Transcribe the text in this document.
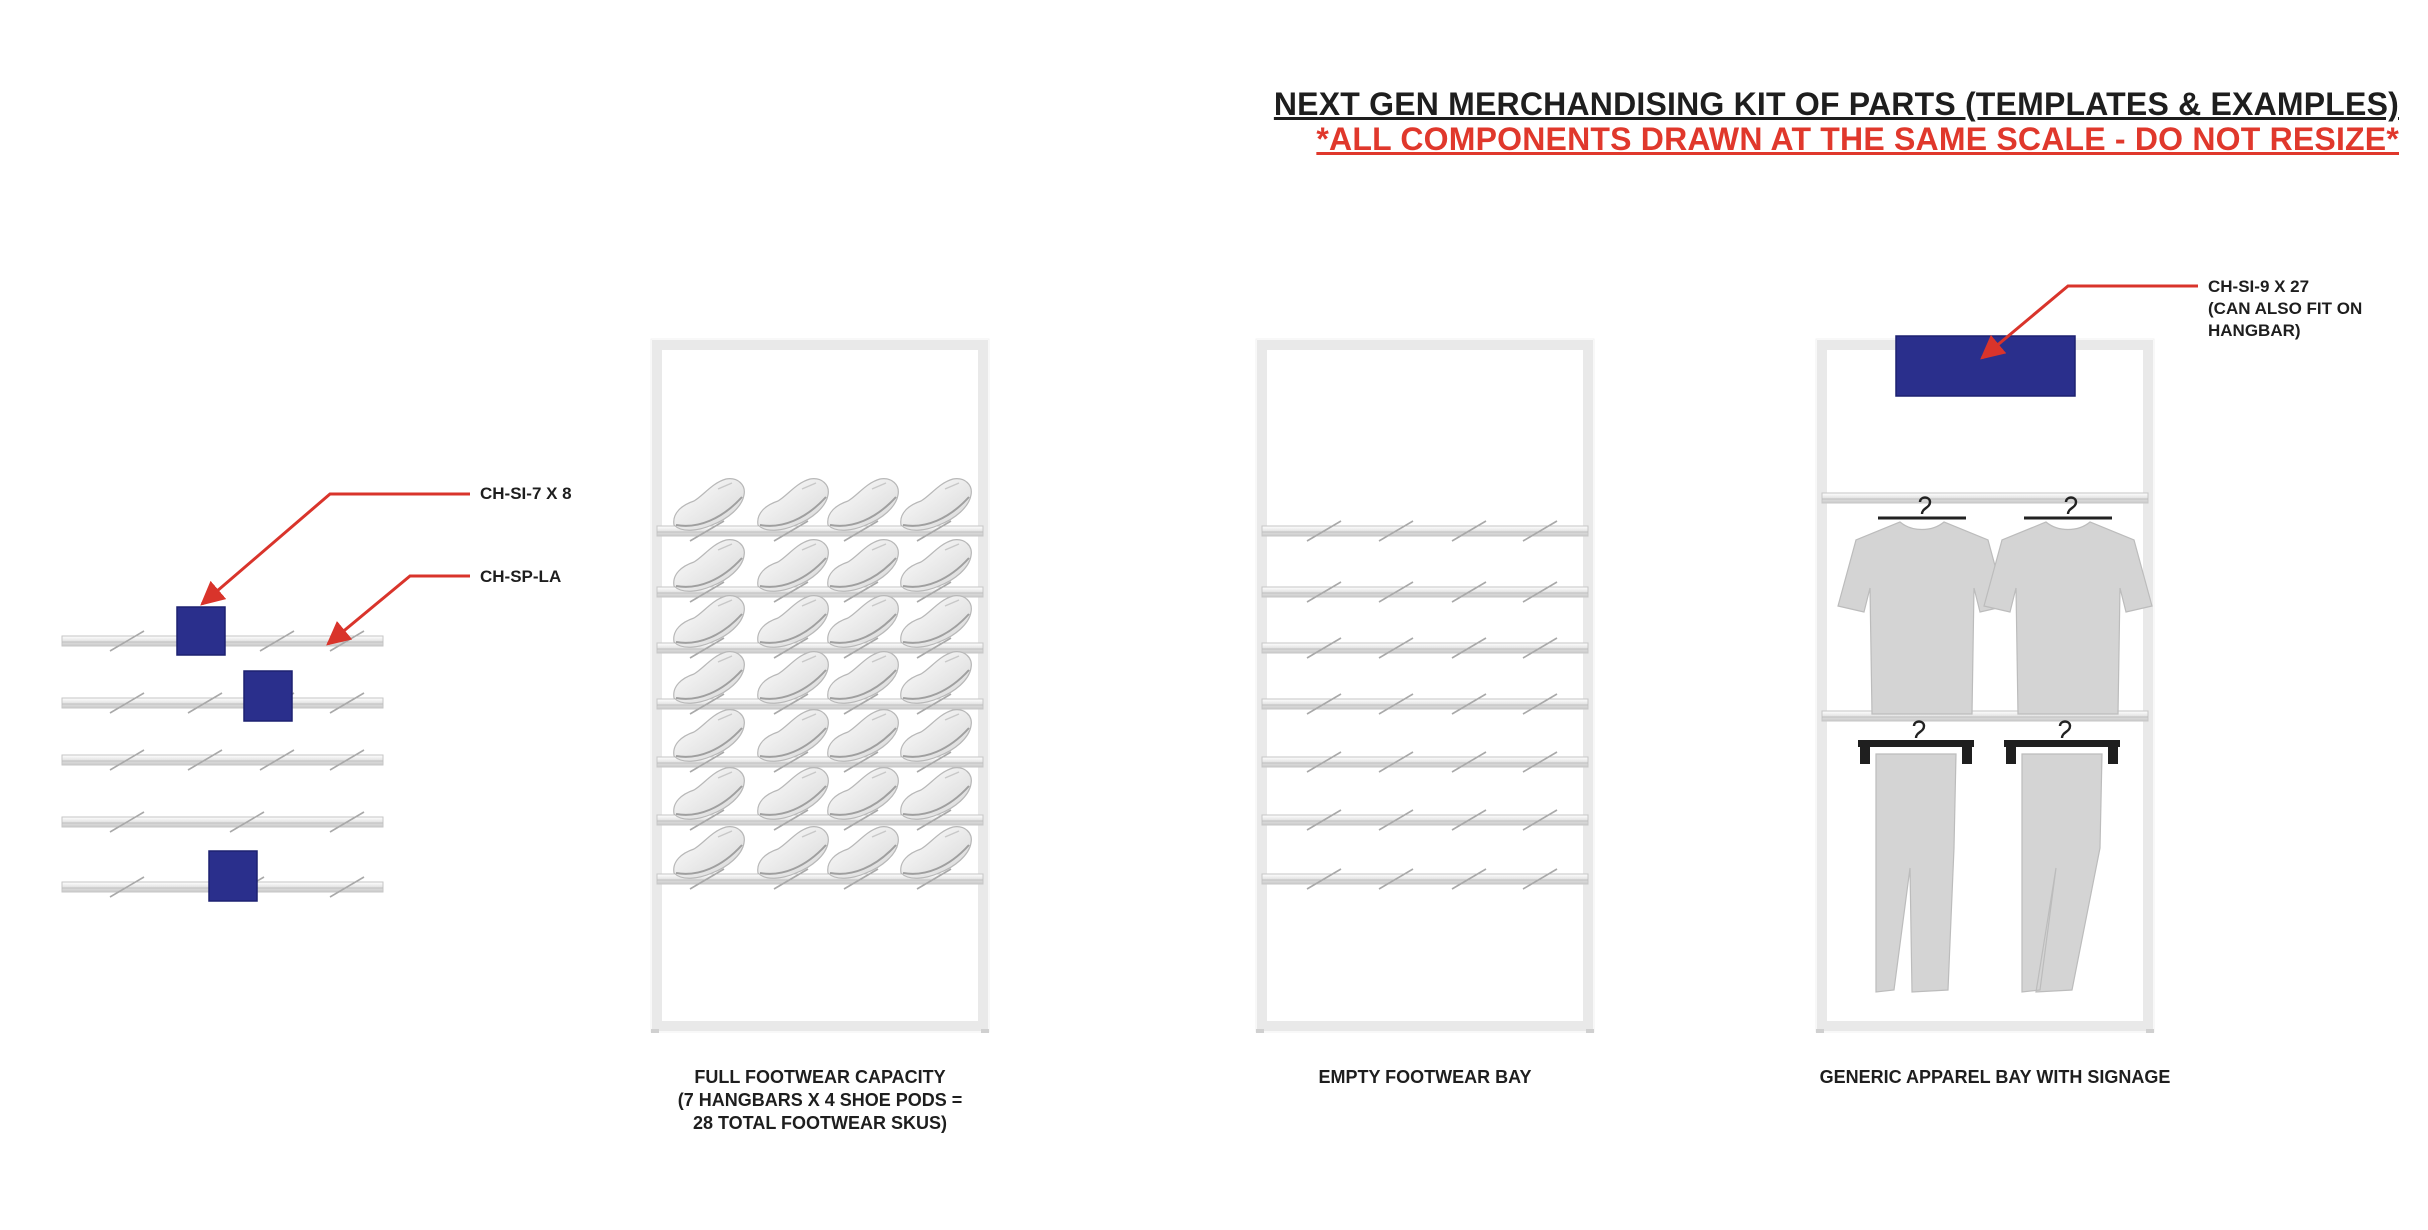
NEXT GEN MERCHANDISING KIT OF PARTS (TEMPLATES & EXAMPLES)
*ALL COMPONENTS DRAWN AT THE SAME SCALE - DO NOT RESIZE*
CH-SI-7 X 8
CH-SP-LA
CH-SI-9 X 27
(CAN ALSO FIT ON
HANGBAR)
FULL FOOTWEAR CAPACITY
(7 HANGBARS X 4 SHOE PODS =
28 TOTAL FOOTWEAR SKUS)
EMPTY FOOTWEAR BAY	GENERIC APPAREL BAY WITH SIGNAGE
